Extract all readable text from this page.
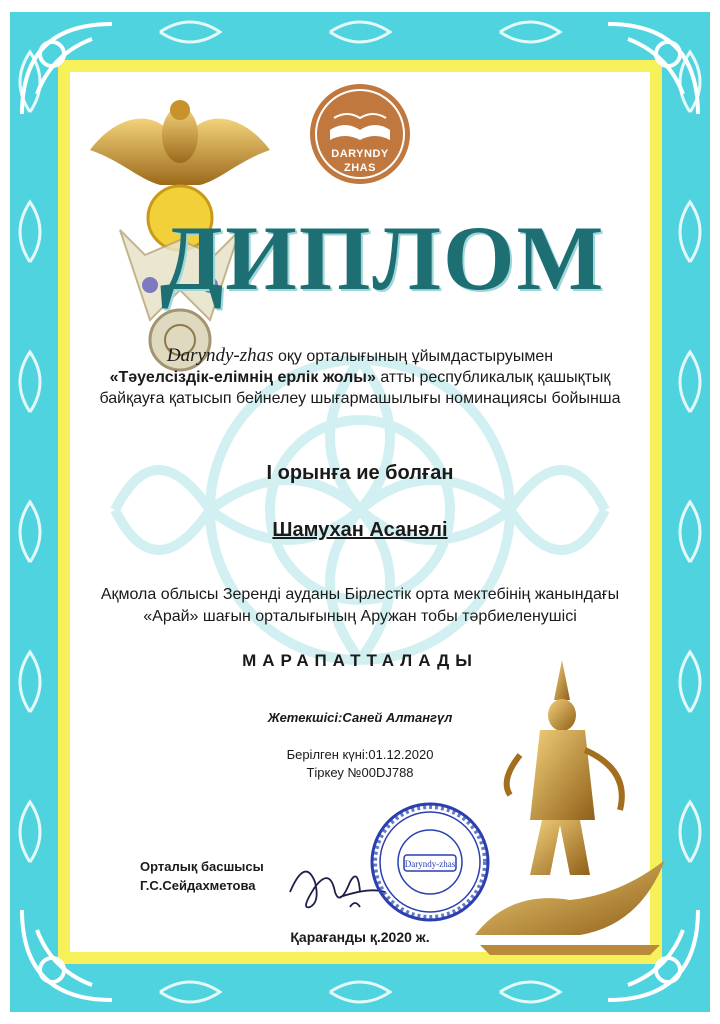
DARYNDY
ZHAS
ДИПЛОМ
Daryndy-zhas оқу орталығының ұйымдастыруымен
«Тәуелсіздік-елімнің ерлік жолы» атты республикалық қашықтық
байқауға қатысып бейнелеу шығармашылығы номинациясы бойынша
І орынға ие болған
Шамухан Асанәлі
Ақмола облысы Зеренді ауданы Бірлестік орта мектебінің жанындағы
«Арай» шағын орталығының Аружан тобы тәрбиеленушісі
МАРАПАТТАЛАДЫ
Жетекшісі:Саней Алтангүл
Берілген күні:01.12.2020
Тіркеу №00DJ788
Орталық басшысы
Г.С.Сейдахметова
Daryndy-zhas
Қарағанды қ.2020 ж.
